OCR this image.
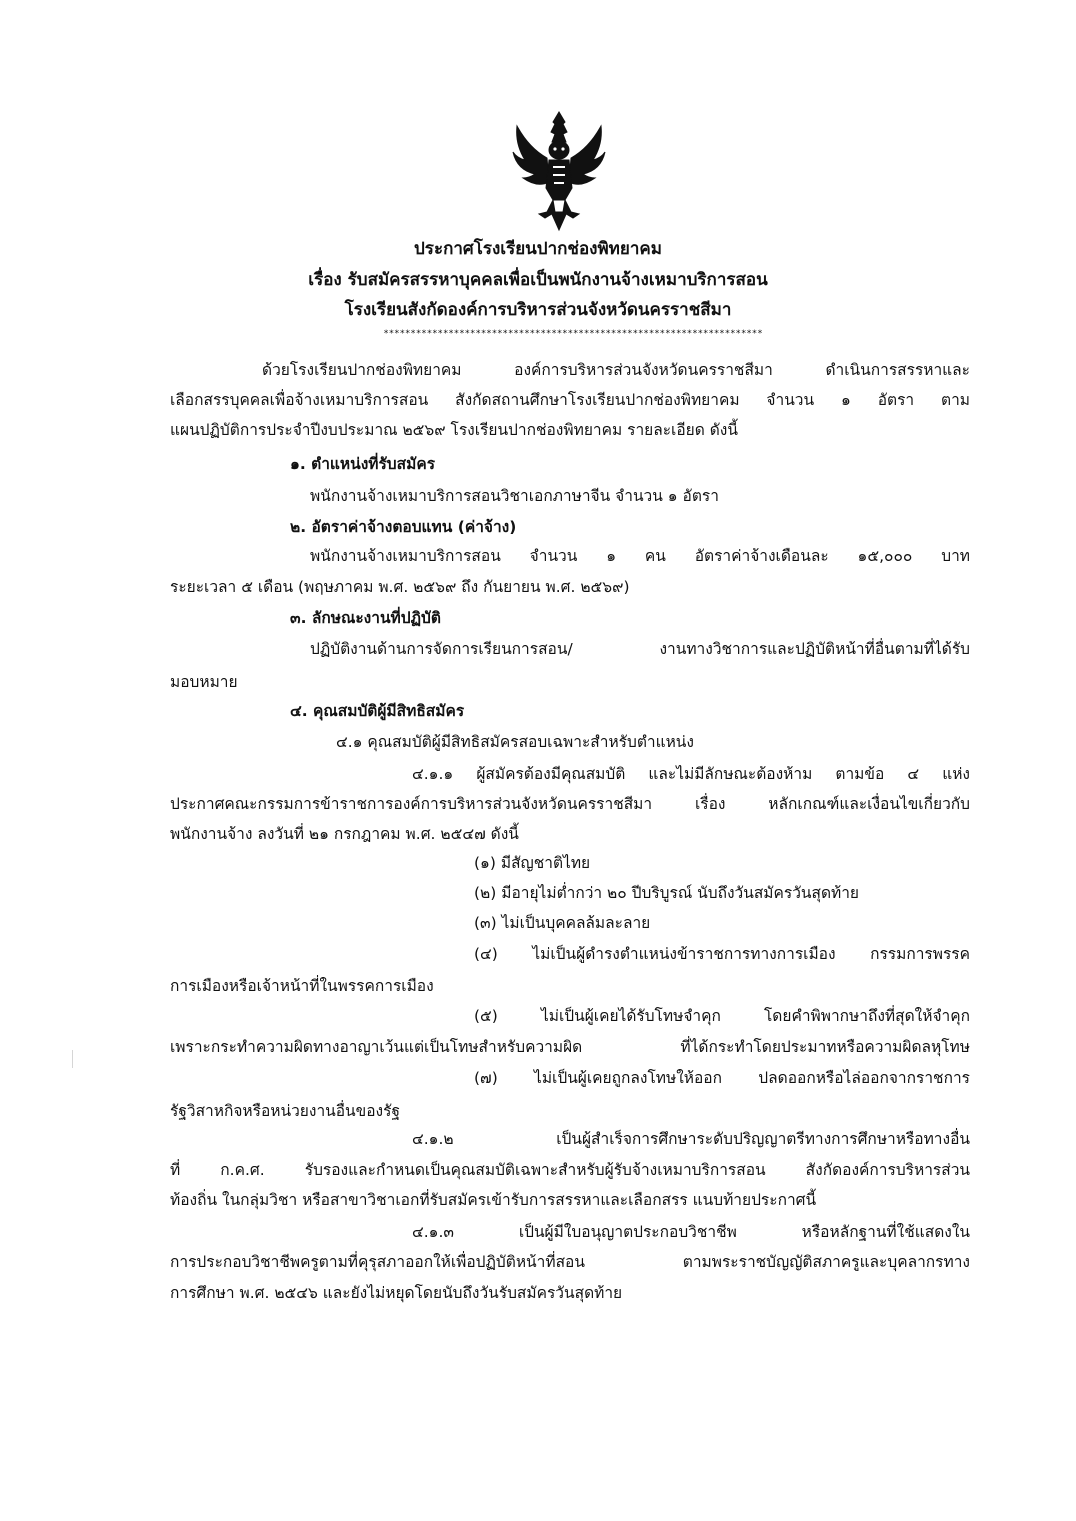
ประกาศโรงเรียนปากช่องพิทยาคม
เรื่อง รับสมัครสรรหาบุคคลเพื่อเป็นพนักงานจ้างเหมาบริการสอน
โรงเรียนสังกัดองค์การบริหารส่วนจังหวัดนครราชสีมา
**********************************************************************
ด้วยโรงเรียนปากช่องพิทยาคม องค์การบริหารส่วนจังหวัดนครราชสีมา ดำเนินการสรรหาและ
เลือกสรรบุคคลเพื่อจ้างเหมาบริการสอน สังกัดสถานศึกษาโรงเรียนปากช่องพิทยาคม จำนวน ๑ อัตรา ตาม
แผนปฏิบัติการประจำปีงบประมาณ ๒๕๖๙ โรงเรียนปากช่องพิทยาคม รายละเอียด ดังนี้
๑. ตำแหน่งที่รับสมัคร
พนักงานจ้างเหมาบริการสอนวิชาเอกภาษาจีน จำนวน ๑ อัตรา
๒. อัตราค่าจ้างตอบแทน (ค่าจ้าง)
พนักงานจ้างเหมาบริการสอน จำนวน ๑ คน อัตราค่าจ้างเดือนละ ๑๕,๐๐๐ บาท
ระยะเวลา ๕ เดือน (พฤษภาคม พ.ศ. ๒๕๖๙ ถึง กันยายน พ.ศ. ๒๕๖๙)
๓. ลักษณะงานที่ปฏิบัติ
ปฏิบัติงานด้านการจัดการเรียนการสอน/ งานทางวิชาการและปฏิบัติหน้าที่อื่นตามที่ได้รับ
มอบหมาย
๔. คุณสมบัติผู้มีสิทธิสมัคร
๔.๑ คุณสมบัติผู้มีสิทธิสมัครสอบเฉพาะสำหรับตำแหน่ง
๔.๑.๑ ผู้สมัครต้องมีคุณสมบัติ และไม่มีลักษณะต้องห้าม ตามข้อ ๔ แห่ง
ประกาศคณะกรรมการข้าราชการองค์การบริหารส่วนจังหวัดนครราชสีมา เรื่อง หลักเกณฑ์และเงื่อนไขเกี่ยวกับ
พนักงานจ้าง ลงวันที่ ๒๑ กรกฎาคม พ.ศ. ๒๕๔๗ ดังนี้
(๑) มีสัญชาติไทย
(๒) มีอายุไม่ต่ำกว่า ๒๐ ปีบริบูรณ์ นับถึงวันสมัครวันสุดท้าย
(๓) ไม่เป็นบุคคลล้มละลาย
(๔) ไม่เป็นผู้ดำรงตำแหน่งข้าราชการทางการเมือง กรรมการพรรค
การเมืองหรือเจ้าหน้าที่ในพรรคการเมือง
(๕) ไม่เป็นผู้เคยได้รับโทษจำคุก โดยคำพิพากษาถึงที่สุดให้จำคุก
เพราะกระทำความผิดทางอาญาเว้นแต่เป็นโทษสำหรับความผิด ที่ได้กระทำโดยประมาทหรือความผิดลหุโทษ
(๗) ไม่เป็นผู้เคยถูกลงโทษให้ออก ปลดออกหรือไล่ออกจากราชการ
รัฐวิสาหกิจหรือหน่วยงานอื่นของรัฐ
๔.๑.๒ เป็นผู้สำเร็จการศึกษาระดับปริญญาตรีทางการศึกษาหรือทางอื่น
ที่ ก.ค.ศ. รับรองและกำหนดเป็นคุณสมบัติเฉพาะสำหรับผู้รับจ้างเหมาบริการสอน สังกัดองค์การบริหารส่วน
ท้องถิ่น ในกลุ่มวิชา หรือสาขาวิชาเอกที่รับสมัครเข้ารับการสรรหาและเลือกสรร แนบท้ายประกาศนี้
๔.๑.๓ เป็นผู้มีใบอนุญาตประกอบวิชาชีพ หรือหลักฐานที่ใช้แสดงใน
การประกอบวิชาชีพครูตามที่คุรุสภาออกให้เพื่อปฏิบัติหน้าที่สอน ตามพระราชบัญญัติสภาครูและบุคลากรทาง
การศึกษา พ.ศ. ๒๕๔๖ และยังไม่หยุดโดยนับถึงวันรับสมัครวันสุดท้าย
